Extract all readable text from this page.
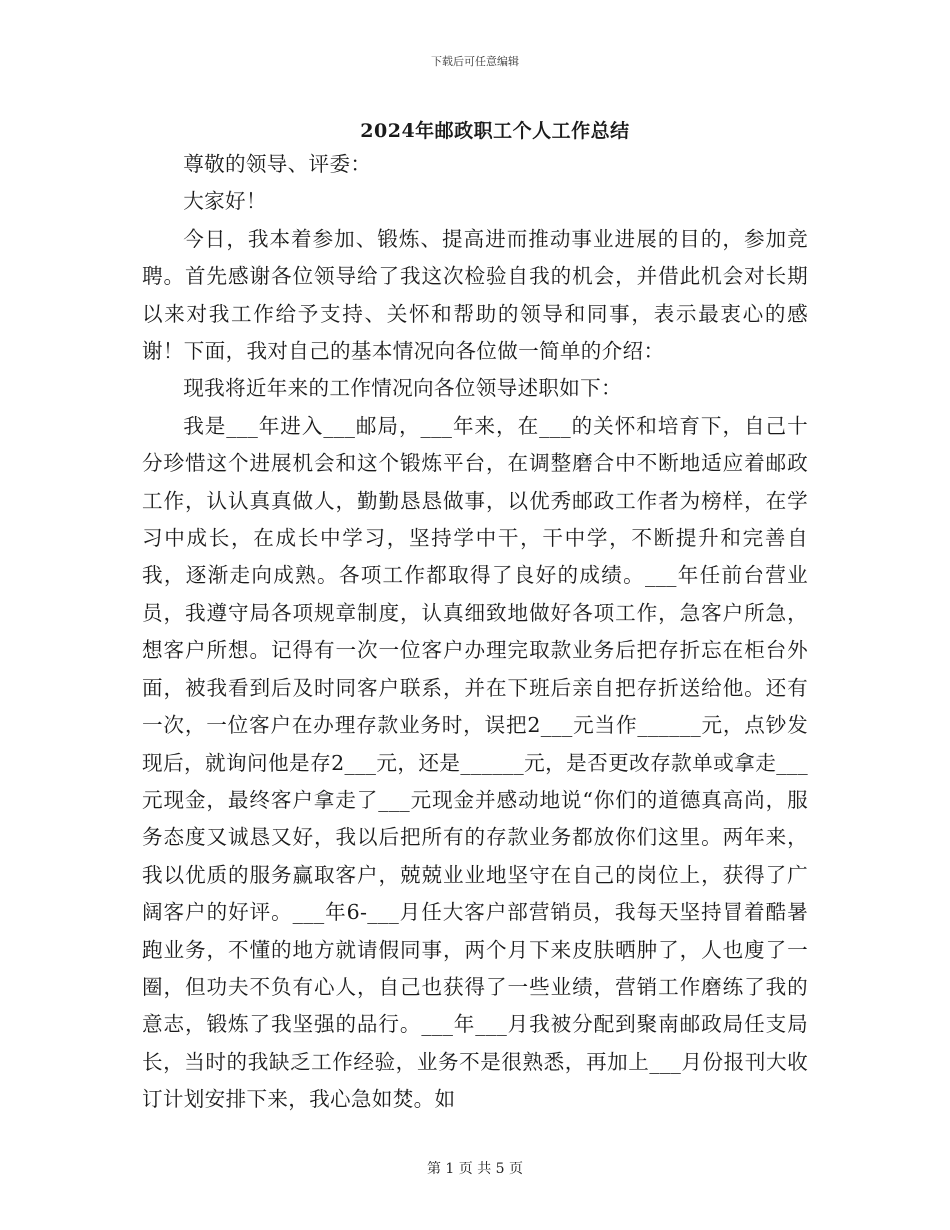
下载后可任意编辑
2024年邮政职工个人工作总结

尊敬的领导、评委：

大家好！

今日，我本着参加、锻炼、提高进而推动事业进展的目的，参加竞聘。首先感谢各位领导给了我这次检验自我的机会，并借此机会对长期以来对我工作给予支持、关怀和帮助的领导和同事，表示最衷心的感谢！下面，我对自己的基本情况向各位做一简单的介绍：

现我将近年来的工作情况向各位领导述职如下：

我是___年进入___邮局，___年来，在___的关怀和培育下，自己十分珍惜这个进展机会和这个锻炼平台，在调整磨合中不断地适应着邮政工作，认认真真做人，勤勤恳恳做事，以优秀邮政工作者为榜样，在学习中成长，在成长中学习，坚持学中干，干中学，不断提升和完善自我，逐渐走向成熟。各项工作都取得了良好的成绩。___年任前台营业员，我遵守局各项规章制度，认真细致地做好各项工作，急客户所急，想客户所想。记得有一次一位客户办理完取款业务后把存折忘在柜台外面，被我看到后及时同客户联系，并在下班后亲自把存折送给他。还有一次，一位客户在办理存款业务时，误把2___元当作______元，点钞发现后，就询问他是存2___元，还是______元，是否更改存款单或拿走___元现金，最终客户拿走了___元现金并感动地说“你们的道德真高尚，服务态度又诚恳又好，我以后把所有的存款业务都放你们这里。两年来，我以优质的服务赢取客户，兢兢业业地坚守在自己的岗位上，获得了广阔客户的好评。___年6-___月任大客户部营销员，我每天坚持冒着酷暑跑业务，不懂的地方就请假同事，两个月下来皮肤晒肿了，人也廋了一圈，但功夫不负有心人，自己也获得了一些业绩，营销工作磨练了我的意志，锻炼了我坚强的品行。___年___月我被分配到聚南邮政局任支局长，当时的我缺乏工作经验，业务不是很熟悉，再加上___月份报刊大收订计划安排下来，我心急如焚。如

第 1 页 共 5 页
